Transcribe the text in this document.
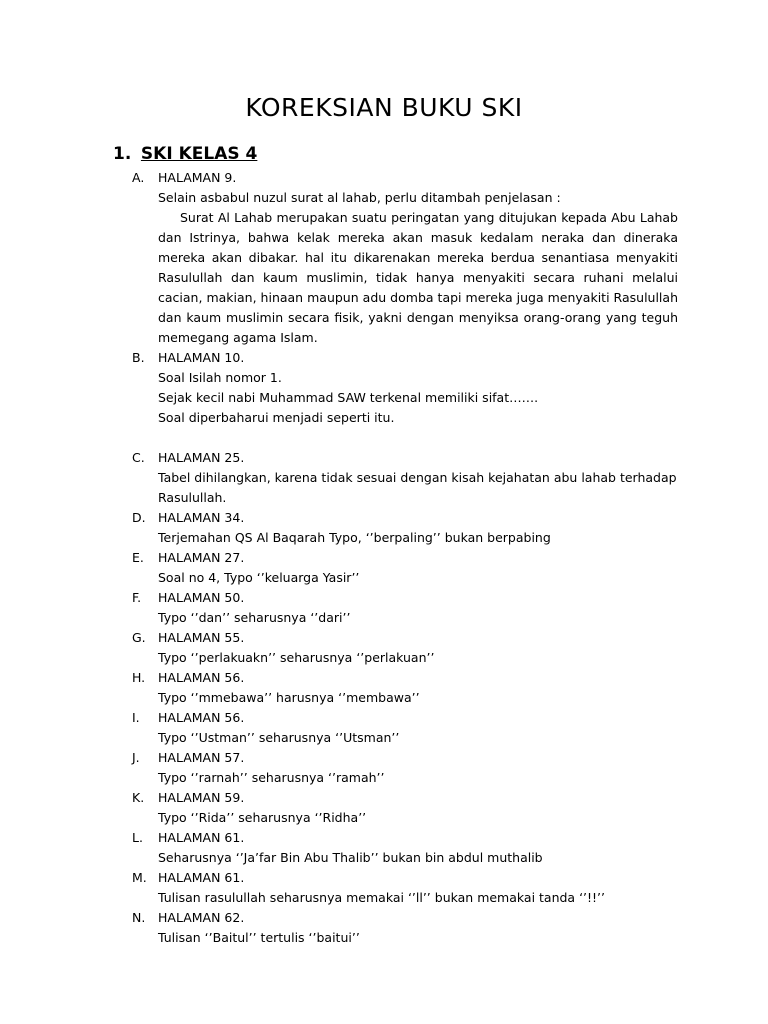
KOREKSIAN BUKU SKI
1. SKI KELAS 4
A. HALAMAN 9.
Selain asbabul nuzul surat al lahab, perlu ditambah penjelasan :

Surat Al Lahab merupakan suatu peringatan yang ditujukan kepada Abu Lahab dan Istrinya, bahwa kelak mereka akan masuk kedalam neraka dan dineraka mereka akan dibakar. hal itu dikarenakan mereka berdua senantiasa menyakiti Rasulullah dan kaum muslimin, tidak hanya menyakiti secara ruhani melalui cacian, makian, hinaan maupun adu domba tapi mereka juga menyakiti Rasulullah dan kaum muslimin secara fisik, yakni dengan menyiksa orang-orang yang teguh memegang agama Islam.

B. HALAMAN 10.
Soal Isilah nomor 1.
Sejak kecil nabi Muhammad SAW terkenal memiliki sifat…….
Soal diperbaharui menjadi seperti itu.
C. HALAMAN 25.
Tabel dihilangkan, karena tidak sesuai dengan kisah kejahatan abu lahab terhadap
Rasulullah.
D. HALAMAN 34.
Terjemahan QS Al Baqarah Typo, ‘’berpaling’’ bukan berpabing
E. HALAMAN 27.
Soal no 4, Typo ‘’keluarga Yasir’’
F. HALAMAN 50.
Typo ‘’dan’’ seharusnya ‘’dari’’
G. HALAMAN 55.
Typo ‘’perlakuakn’’ seharusnya ‘’perlakuan’’
H. HALAMAN 56.
Typo ‘’mmebawa’’ harusnya ‘’membawa’’
I. HALAMAN 56.
Typo ‘’Ustman’’ seharusnya ‘’Utsman’’
J. HALAMAN 57.
Typo ‘’rarnah’’ seharusnya ‘’ramah’’
K. HALAMAN 59.
Typo ‘’Rida’’ seharusnya ‘’Ridha’’
L. HALAMAN 61.
Seharusnya ‘’Ja’far Bin Abu Thalib’’ bukan bin abdul muthalib
M. HALAMAN 61.
Tulisan rasulullah seharusnya memakai ‘’ll’’ bukan memakai tanda ‘’!!’’
N. HALAMAN 62.
Tulisan ‘’Baitul’’ tertulis ‘’baitui’’
